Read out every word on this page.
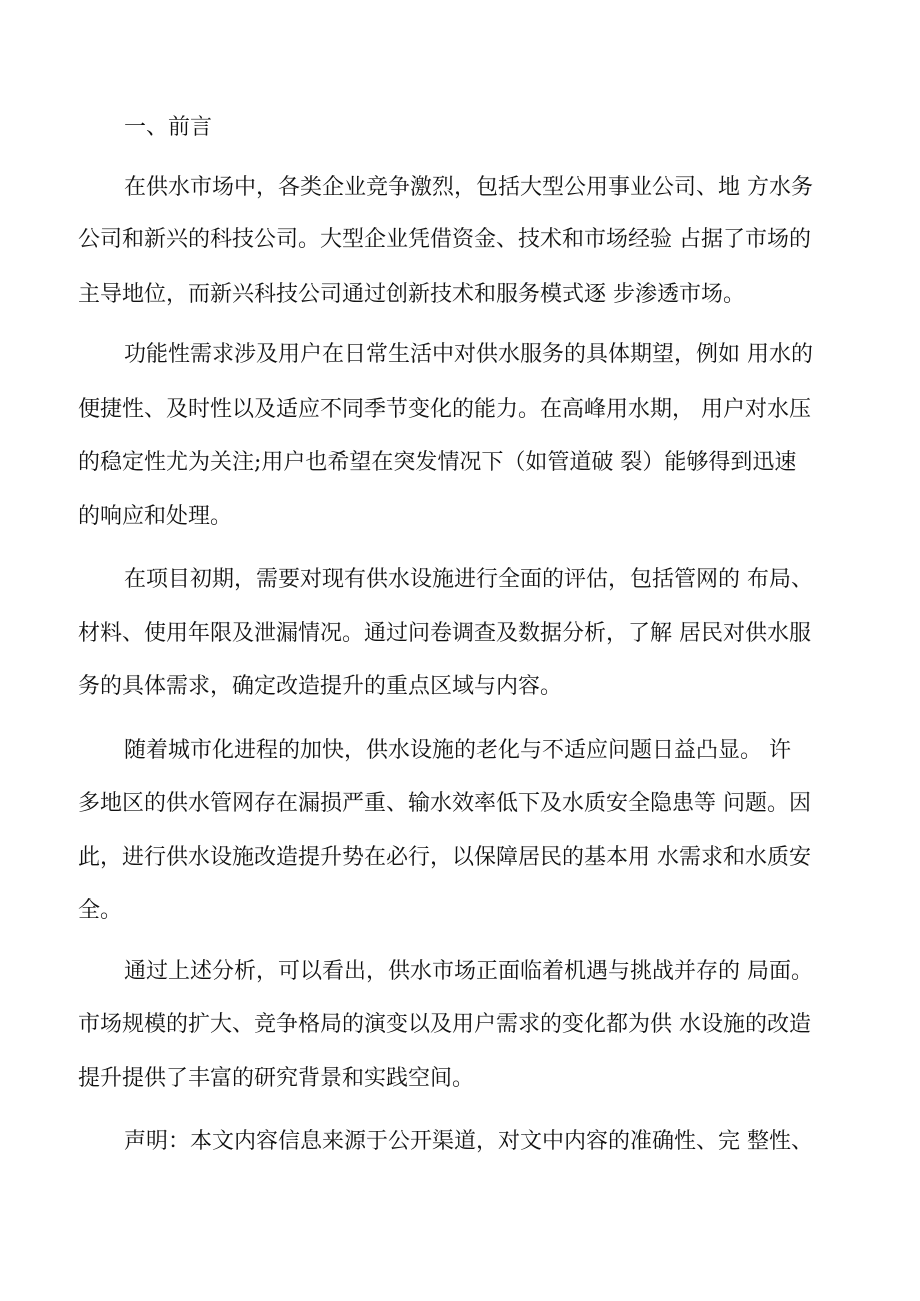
一、前言
在供水市场中，各类企业竞争激烈，包括大型公用事业公司、地 方水务
公司和新兴的科技公司。大型企业凭借资金、技术和市场经验 占据了市场的
主导地位，而新兴科技公司通过创新技术和服务模式逐 步渗透市场。
功能性需求涉及用户在日常生活中对供水服务的具体期望，例如 用水的
便捷性、及时性以及适应不同季节变化的能力。在高峰用水期， 用户对水压
的稳定性尤为关注;用户也希望在突发情况下（如管道破 裂）能够得到迅速
的响应和处理。
在项目初期，需要对现有供水设施进行全面的评估，包括管网的 布局、
材料、使用年限及泄漏情况。通过问卷调查及数据分析，了解 居民对供水服
务的具体需求，确定改造提升的重点区域与内容。
随着城市化进程的加快，供水设施的老化与不适应问题日益凸显。 许
多地区的供水管网存在漏损严重、输水效率低下及水质安全隐患等 问题。因
此，进行供水设施改造提升势在必行，以保障居民的基本用 水需求和水质安
全。
通过上述分析，可以看出，供水市场正面临着机遇与挑战并存的 局面。
市场规模的扩大、竞争格局的演变以及用户需求的变化都为供 水设施的改造
提升提供了丰富的研究背景和实践空间。
声明：本文内容信息来源于公开渠道，对文中内容的准确性、完 整性、
